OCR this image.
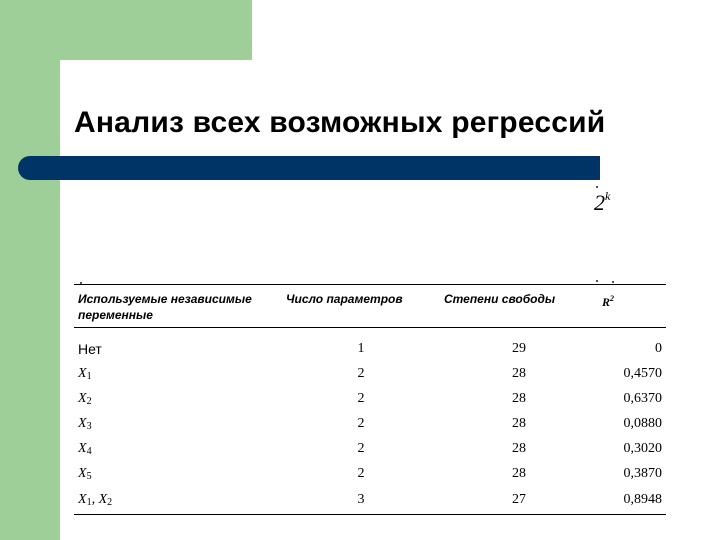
Анализ всех возможных регрессий
2$^k$
Используемые независимые переменные	Число параметров	Степени свободы	$R^2$
Нет	1	29	0
$X_1$	2	28	0,4570
$X_2$	2	28	0,6370
$X_3$	2	28	0,0880
$X_4$	2	28	0,3020
$X_5$	2	28	0,3870
$X_1$, $X_2$	3	27	0,8948
